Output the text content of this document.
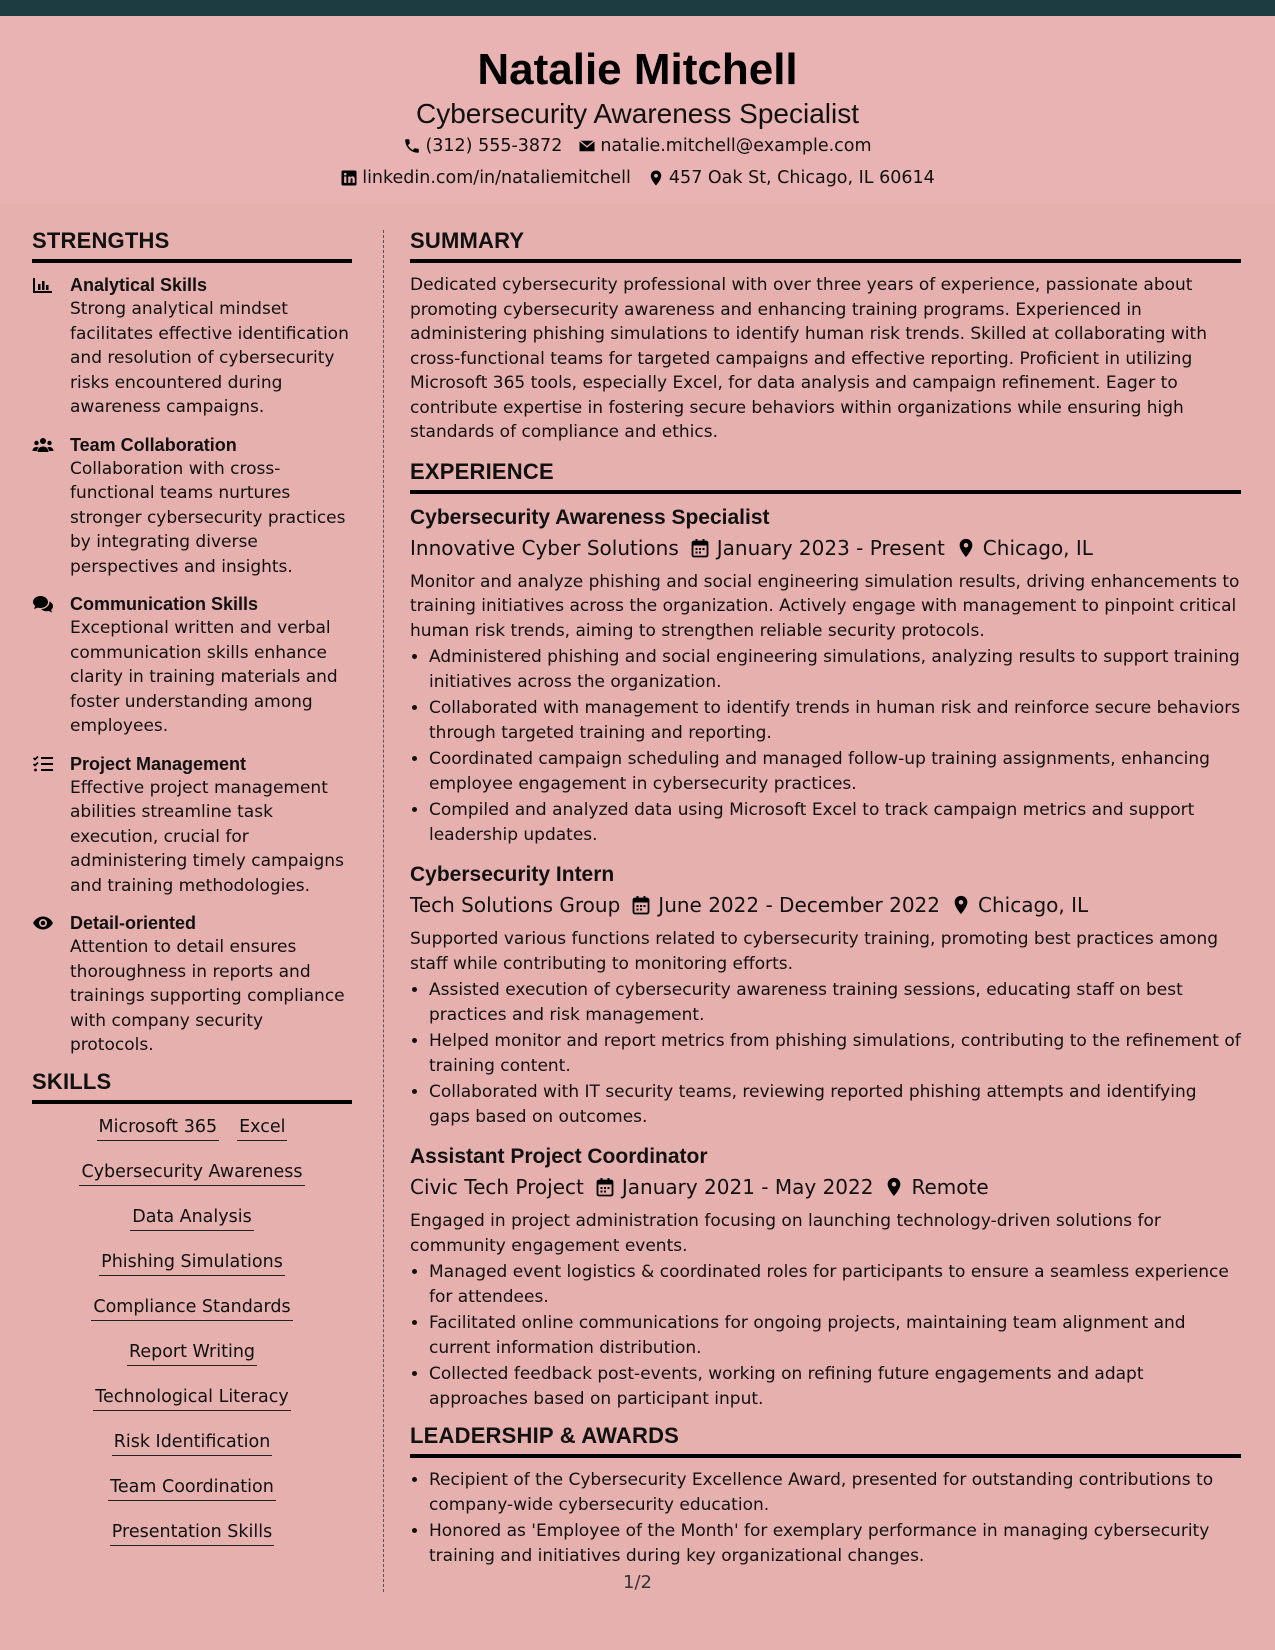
Natalie Mitchell
Cybersecurity Awareness Specialist
(312) 555-3872 natalie.mitchell@example.com
linkedin.com/in/nataliemitchell 457 Oak St, Chicago, IL 60614
STRENGTHS
Analytical Skills
Strong analytical mindset facilitates effective identification and resolution of cybersecurity risks encountered during awareness campaigns.
Team Collaboration
Collaboration with cross-functional teams nurtures stronger cybersecurity practices by integrating diverse perspectives and insights.
Communication Skills
Exceptional written and verbal communication skills enhance clarity in training materials and foster understanding among employees.
Project Management
Effective project management abilities streamline task execution, crucial for administering timely campaigns and training methodologies.
Detail-oriented
Attention to detail ensures thoroughness in reports and trainings supporting compliance with company security protocols.
SKILLS
Microsoft 365 Excel
Cybersecurity Awareness
Data Analysis
Phishing Simulations
Compliance Standards
Report Writing
Technological Literacy
Risk Identification
Team Coordination
Presentation Skills
SUMMARY
Dedicated cybersecurity professional with over three years of experience, passionate about promoting cybersecurity awareness and enhancing training programs. Experienced in administering phishing simulations to identify human risk trends. Skilled at collaborating with cross-functional teams for targeted campaigns and effective reporting. Proficient in utilizing Microsoft 365 tools, especially Excel, for data analysis and campaign refinement. Eager to contribute expertise in fostering secure behaviors within organizations while ensuring high standards of compliance and ethics.
EXPERIENCE
Cybersecurity Awareness Specialist
Innovative Cyber Solutions January 2023 - Present Chicago, IL
Monitor and analyze phishing and social engineering simulation results, driving enhancements to training initiatives across the organization. Actively engage with management to pinpoint critical human risk trends, aiming to strengthen reliable security protocols.
• Administered phishing and social engineering simulations, analyzing results to support training initiatives across the organization.
• Collaborated with management to identify trends in human risk and reinforce secure behaviors through targeted training and reporting.
• Coordinated campaign scheduling and managed follow-up training assignments, enhancing employee engagement in cybersecurity practices.
• Compiled and analyzed data using Microsoft Excel to track campaign metrics and support leadership updates.
Cybersecurity Intern
Tech Solutions Group June 2022 - December 2022 Chicago, IL
Supported various functions related to cybersecurity training, promoting best practices among staff while contributing to monitoring efforts.
• Assisted execution of cybersecurity awareness training sessions, educating staff on best practices and risk management.
• Helped monitor and report metrics from phishing simulations, contributing to the refinement of training content.
• Collaborated with IT security teams, reviewing reported phishing attempts and identifying gaps based on outcomes.
Assistant Project Coordinator
Civic Tech Project January 2021 - May 2022 Remote
Engaged in project administration focusing on launching technology-driven solutions for community engagement events.
• Managed event logistics & coordinated roles for participants to ensure a seamless experience for attendees.
• Facilitated online communications for ongoing projects, maintaining team alignment and current information distribution.
• Collected feedback post-events, working on refining future engagements and adapt approaches based on participant input.
LEADERSHIP & AWARDS
• Recipient of the Cybersecurity Excellence Award, presented for outstanding contributions to company-wide cybersecurity education.
• Honored as 'Employee of the Month' for exemplary performance in managing cybersecurity training and initiatives during key organizational changes.
1/2
